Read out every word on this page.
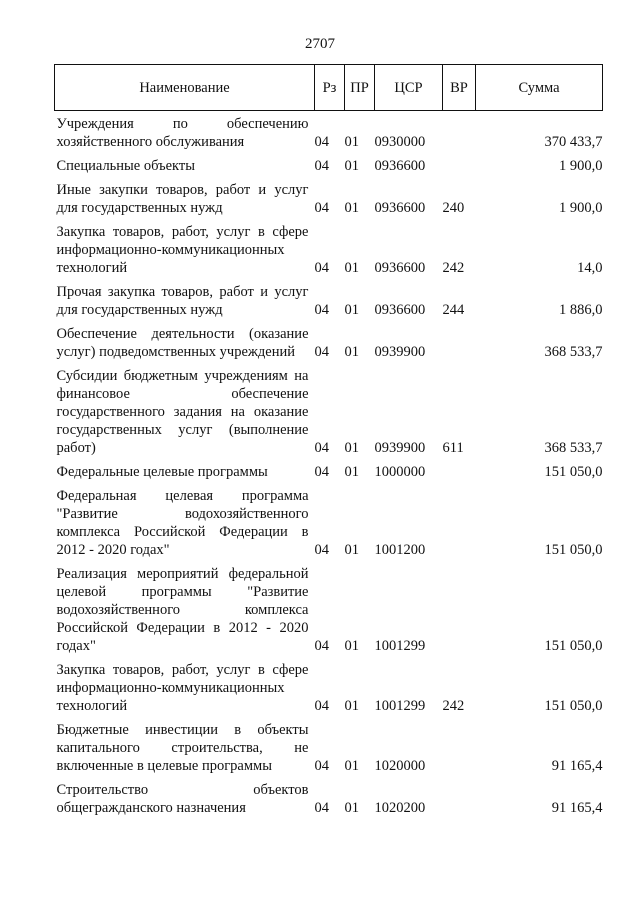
2707
Наименование	Рз	ПР	ЦСР	ВР	Сумма
Учреждения по обеспечению хозяйственного обслуживания	04	01	0930000		370 433,7
Специальные объекты	04	01	0936600		1 900,0
Иные закупки товаров, работ и услуг для государственных нужд	04	01	0936600	240	1 900,0
Закупка товаров, работ, услуг в сфере информационно-коммуникационных технологий	04	01	0936600	242	14,0
Прочая закупка товаров, работ и услуг для государственных нужд	04	01	0936600	244	1 886,0
Обеспечение деятельности (оказание услуг) подведомственных учреждений	04	01	0939900		368 533,7
Субсидии бюджетным учреждениям на финансовое обеспечение государственного задания на оказание государственных услуг (выполнение работ)	04	01	0939900	611	368 533,7
Федеральные целевые программы	04	01	1000000		151 050,0
Федеральная целевая программа "Развитие водохозяйственного комплекса Российской Федерации в 2012 - 2020 годах"	04	01	1001200		151 050,0
Реализация мероприятий федеральной целевой программы "Развитие водохозяйственного комплекса Российской Федерации в 2012 - 2020 годах"	04	01	1001299		151 050,0
Закупка товаров, работ, услуг в сфере информационно-коммуникационных технологий	04	01	1001299	242	151 050,0
Бюджетные инвестиции в объекты капитального строительства, не включенные в целевые программы	04	01	1020000		91 165,4
Строительство объектов общегражданского назначения	04	01	1020200		91 165,4
